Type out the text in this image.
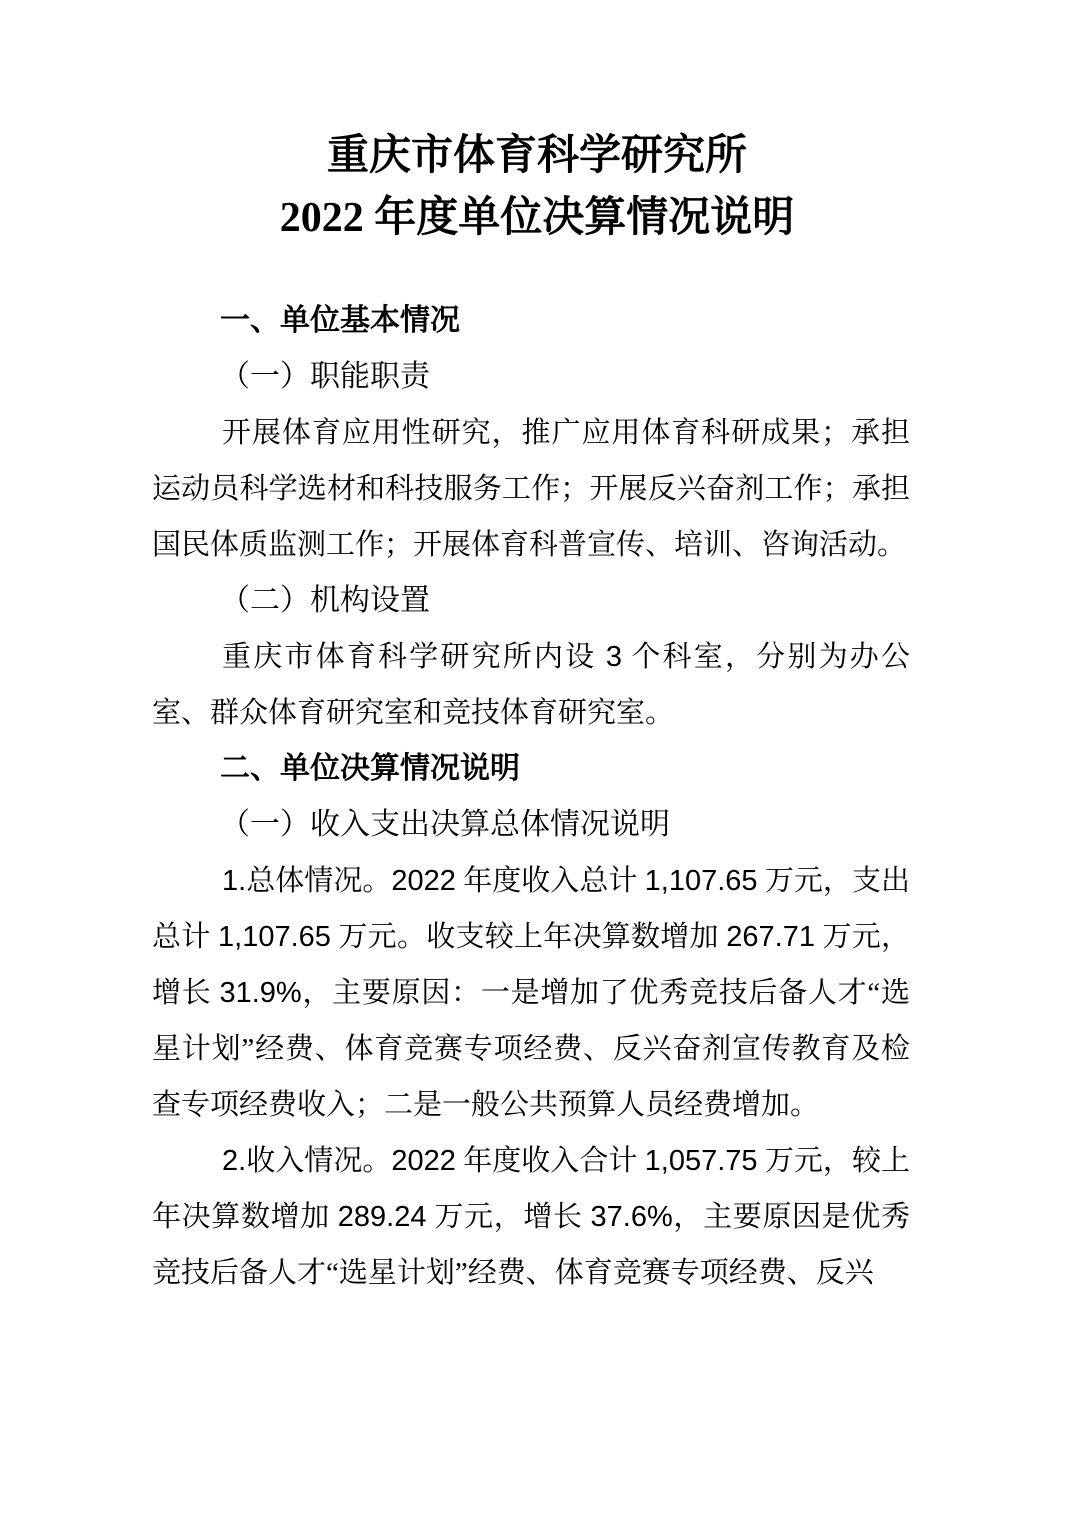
重庆市体育科学研究所
2022 年度单位决算情况说明

一、单位基本情况

（一）职能职责

开展体育应用性研究，推广应用体育科研成果；承担运动员科学选材和科技服务工作；开展反兴奋剂工作；承担国民体质监测工作；开展体育科普宣传、培训、咨询活动。

（二）机构设置

重庆市体育科学研究所内设 3 个科室，分别为办公室、群众体育研究室和竞技体育研究室。

二、单位决算情况说明

（一）收入支出决算总体情况说明

1.总体情况。2022 年度收入总计 1,107.65 万元，支出总计 1,107.65 万元。收支较上年决算数增加 267.71 万元，增长 31.9%，主要原因：一是增加了优秀竞技后备人才“选星计划”经费、体育竞赛专项经费、反兴奋剂宣传教育及检查专项经费收入；二是一般公共预算人员经费增加。

2.收入情况。2022 年度收入合计 1,057.75 万元，较上年决算数增加 289.24 万元，增长 37.6%，主要原因是优秀竞技后备人才“选星计划”经费、体育竞赛专项经费、反兴
